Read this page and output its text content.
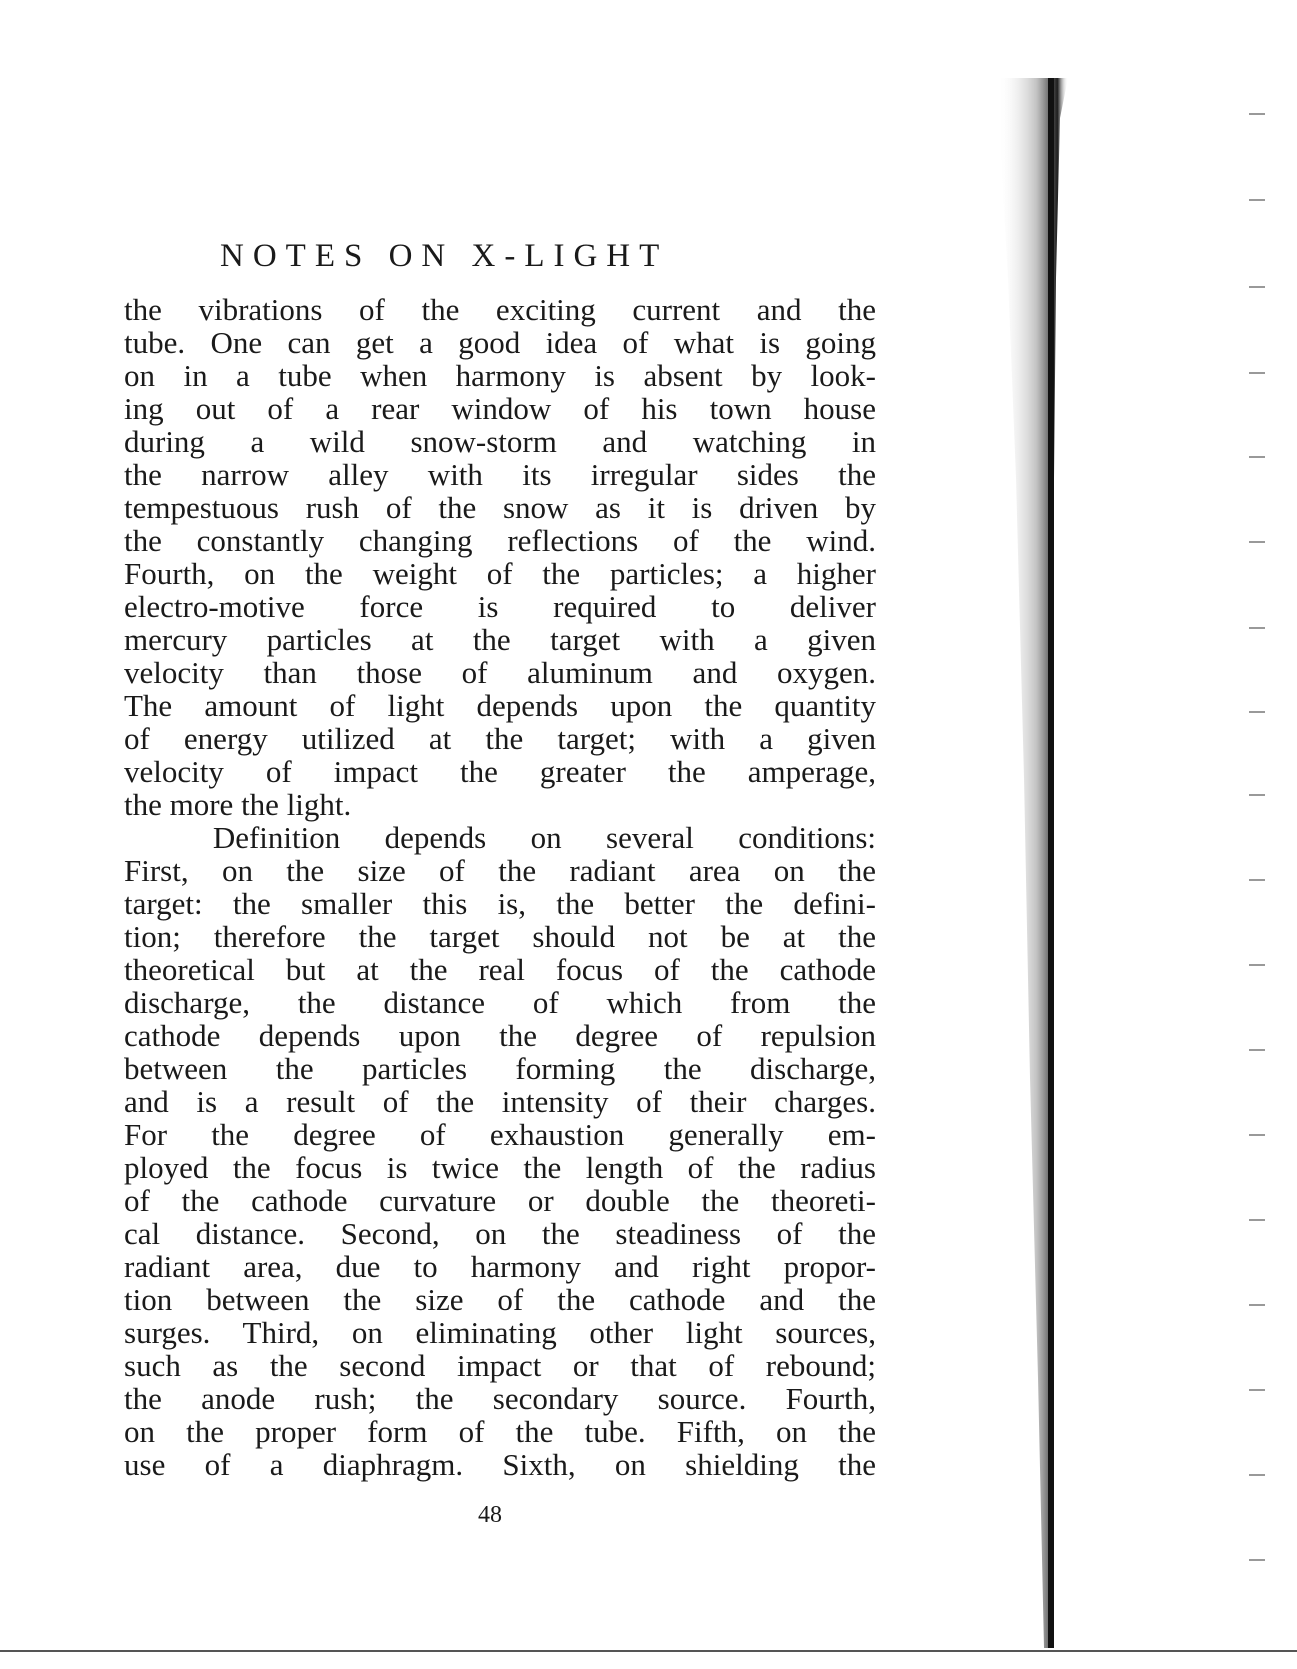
NOTES ON X-LIGHT
the vibrations of the exciting current and the
tube. One can get a good idea of what is going
on in a tube when harmony is absent by look-
ing out of a rear window of his town house
during a wild snow-storm and watching in
the narrow alley with its irregular sides the
tempestuous rush of the snow as it is driven by
the constantly changing reflections of the wind.
Fourth, on the weight of the particles; a higher
electro-motive force is required to deliver
mercury particles at the target with a given
velocity than those of aluminum and oxygen.
The amount of light depends upon the quantity
of energy utilized at the target; with a given
velocity of impact the greater the amperage,
the more the light.
Definition depends on several conditions:
First, on the size of the radiant area on the
target: the smaller this is, the better the defini-
tion; therefore the target should not be at the
theoretical but at the real focus of the cathode
discharge, the distance of which from the
cathode depends upon the degree of repulsion
between the particles forming the discharge,
and is a result of the intensity of their charges.
For the degree of exhaustion generally em-
ployed the focus is twice the length of the radius
of the cathode curvature or double the theoreti-
cal distance. Second, on the steadiness of the
radiant area, due to harmony and right propor-
tion between the size of the cathode and the
surges. Third, on eliminating other light sources,
such as the second impact or that of rebound;
the anode rush; the secondary source. Fourth,
on the proper form of the tube. Fifth, on the
use of a diaphragm. Sixth, on shielding the
48
